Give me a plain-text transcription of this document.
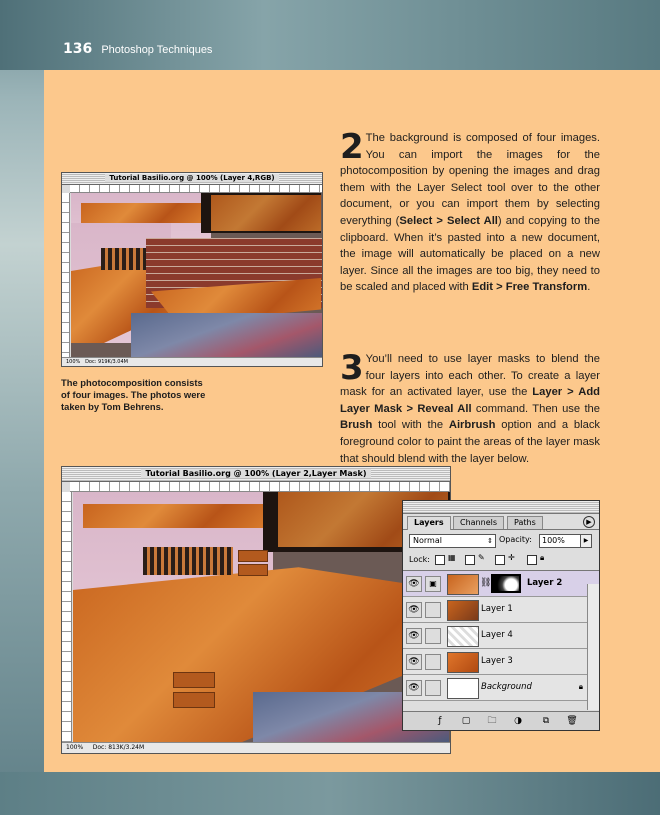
136 Photoshop Techniques
2 The background is composed of four images. You can import the images for the photocomposition by opening the images and drag them with the Layer Select tool over to the other document, or you can import them by selecting everything (Select > Select All) and copying to the clipboard. When it’s pasted into a new document, the image will automatically be placed on a new layer. Since all the images are too big, they need to be scaled and placed with Edit > Free Transform.
3 You’ll need to use layer masks to blend the four layers into each other. To create a layer mask for an activated layer, use the Layer > Add Layer Mask > Reveal All command. Then use the Brush tool with the Airbrush option and a black foreground color to paint the areas of the layer mask that should blend with the layer below.
The photocomposition consists of four images. The photos were taken by Tom Behrens.
Tutorial Basilio.org @ 100% (Layer 4,RGB)
100% Doc: 919K/3.04M
Tutorial Basilio.org @ 100% (Layer 2,Layer Mask)
100% Doc: 813K/3.24M
Layers	Channels	Paths	▶
Normal	⇕ Opacity:	100%	▶
Lock: ▦	✎	✛	🔒︎
👁︎	▣	⛓︎	Layer 2
👁︎	Layer 1
👁︎	Layer 4
👁︎	Layer 3
👁︎	Background	🔒︎
ƒ	▢	🗀︎	◑	⧉	🗑︎
